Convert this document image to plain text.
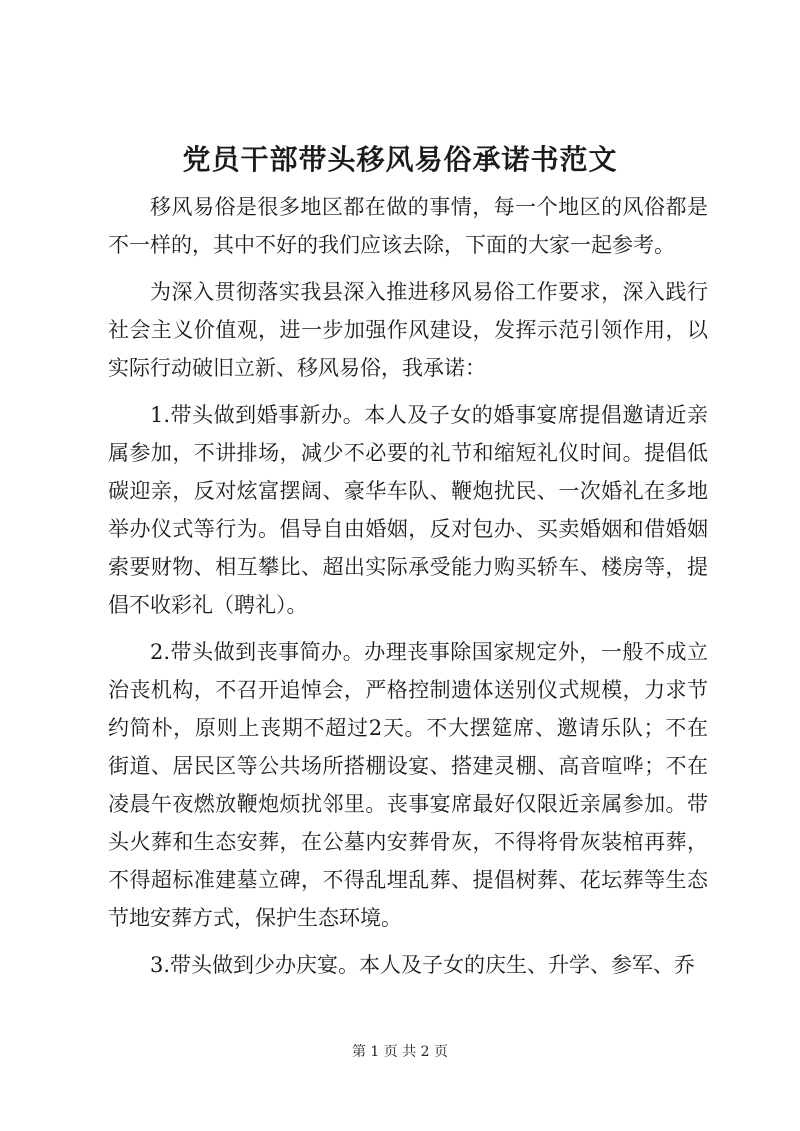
党员干部带头移风易俗承诺书范文

移风易俗是很多地区都在做的事情，每一个地区的风俗都是不一样的，其中不好的我们应该去除，下面的大家一起参考。

为深入贯彻落实我县深入推进移风易俗工作要求，深入践行社会主义价值观，进一步加强作风建设，发挥示范引领作用，以实际行动破旧立新、移风易俗，我承诺：

1.带头做到婚事新办。本人及子女的婚事宴席提倡邀请近亲属参加，不讲排场，减少不必要的礼节和缩短礼仪时间。提倡低碳迎亲，反对炫富摆阔、豪华车队、鞭炮扰民、一次婚礼在多地举办仪式等行为。倡导自由婚姻，反对包办、买卖婚姻和借婚姻索要财物、相互攀比、超出实际承受能力购买轿车、楼房等，提倡不收彩礼（聘礼）。

2.带头做到丧事简办。办理丧事除国家规定外，一般不成立治丧机构，不召开追悼会，严格控制遗体送别仪式规模，力求节约简朴，原则上丧期不超过2天。不大摆筵席、邀请乐队；不在街道、居民区等公共场所搭棚设宴、搭建灵棚、高音喧哗；不在凌晨午夜燃放鞭炮烦扰邻里。丧事宴席最好仅限近亲属参加。带头火葬和生态安葬，在公墓内安葬骨灰，不得将骨灰装棺再葬，不得超标准建墓立碑，不得乱埋乱葬、提倡树葬、花坛葬等生态节地安葬方式，保护生态环境。

3.带头做到少办庆宴。本人及子女的庆生、升学、参军、乔

第 1 页 共 2 页
